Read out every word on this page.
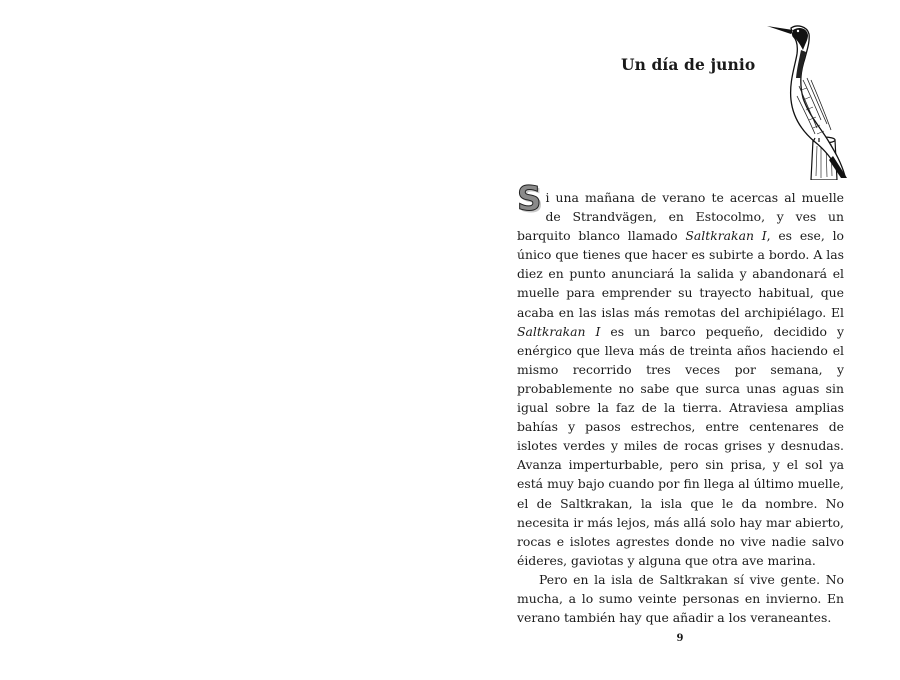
Un día de junio

Si una mañana de verano te acercas al muelle de Strandvägen, en Estocolmo, y ves un barquito blanco llamado Saltkrakan I, es ese, lo único que tienes que hacer es subirte a bordo. A las diez en punto anunciará la salida y abandonará el muelle para emprender su trayecto habitual, que acaba en las islas más remotas del archipiélago. El Saltkrakan I es un barco pequeño, decidido y enérgico que lleva más de treinta años haciendo el mismo recorrido tres veces por semana, y probablemente no sabe que surca unas aguas sin igual sobre la faz de la tierra. Atraviesa amplias bahías y pasos estrechos, entre centenares de islotes verdes y miles de rocas grises y desnudas. Avanza imperturbable, pero sin prisa, y el sol ya está muy bajo cuando por fin llega al último muelle, el de Saltkrakan, la isla que le da nombre. No necesita ir más lejos, más allá solo hay mar abierto, rocas e islotes agrestes donde no vive nadie salvo éideres, gaviotas y alguna que otra ave marina.

Pero en la isla de Saltkrakan sí vive gente. No mucha, a lo sumo veinte personas en invierno. En verano también hay que añadir a los veraneantes.

9
